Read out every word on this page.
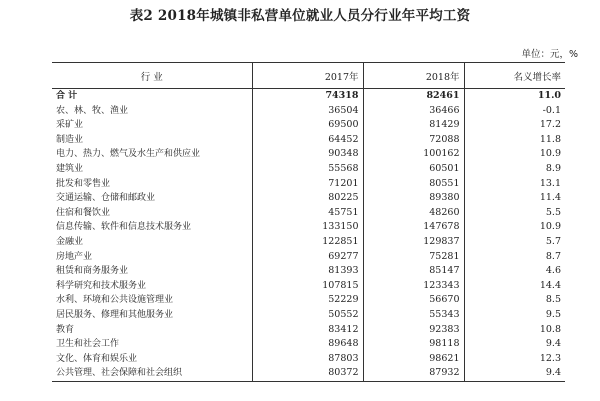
表2 2018年城镇非私营单位就业人员分行业年平均工资
单位：元，%
行 业	2017年	2018年	名义增长率
合 计	74318	82461	11.0
农、林、牧、渔业	36504	36466	-0.1
采矿业	69500	81429	17.2
制造业	64452	72088	11.8
电力、热力、燃气及水生产和供应业	90348	100162	10.9
建筑业	55568	60501	8.9
批发和零售业	71201	80551	13.1
交通运输、仓储和邮政业	80225	89380	11.4
住宿和餐饮业	45751	48260	5.5
信息传输、软件和信息技术服务业	133150	147678	10.9
金融业	122851	129837	5.7
房地产业	69277	75281	8.7
租赁和商务服务业	81393	85147	4.6
科学研究和技术服务业	107815	123343	14.4
水利、环境和公共设施管理业	52229	56670	8.5
居民服务、修理和其他服务业	50552	55343	9.5
教育	83412	92383	10.8
卫生和社会工作	89648	98118	9.4
文化、体育和娱乐业	87803	98621	12.3
公共管理、社会保障和社会组织	80372	87932	9.4
